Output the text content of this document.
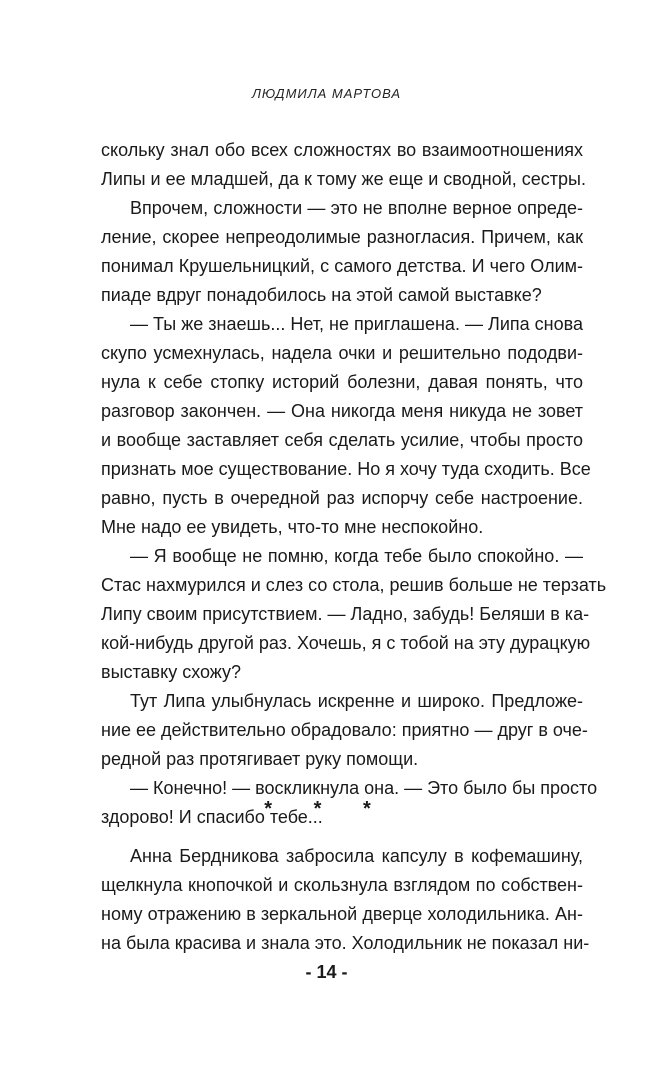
ЛЮДМИЛА МАРТОВА
скольку знал обо всех сложностях во взаимоотношениях
Липы и ее младшей, да к тому же еще и сводной, сестры.
Впрочем, сложности — это не вполне верное опреде-
ление, скорее непреодолимые разногласия. Причем, как
понимал Крушельницкий, с самого детства. И чего Олим-
пиаде вдруг понадобилось на этой самой выставке?
— Ты же знаешь... Нет, не приглашена. — Липа снова
скупо усмехнулась, надела очки и решительно пододви-
нула к себе стопку историй болезни, давая понять, что
разговор закончен. — Она никогда меня никуда не зовет
и вообще заставляет себя сделать усилие, чтобы просто
признать мое существование. Но я хочу туда сходить. Все
равно, пусть в очередной раз испорчу себе настроение.
Мне надо ее увидеть, что-то мне неспокойно.
— Я вообще не помню, когда тебе было спокойно. —
Стас нахмурился и слез со стола, решив больше не терзать
Липу своим присутствием. — Ладно, забудь! Беляши в ка-
кой-нибудь другой раз. Хочешь, я с тобой на эту дурацкую
выставку схожу?
Тут Липа улыбнулась искренне и широко. Предложе-
ние ее действительно обрадовало: приятно — друг в оче-
редной раз протягивает руку помощи.
— Конечно! — воскликнула она. — Это было бы просто
здорово! И спасибо тебе...
* * *
Анна Бердникова забросила капсулу в кофемашину,
щелкнула кнопочкой и скользнула взглядом по собствен-
ному отражению в зеркальной дверце холодильника. Ан-
на была красива и знала это. Холодильник не показал ни-
- 14 -
